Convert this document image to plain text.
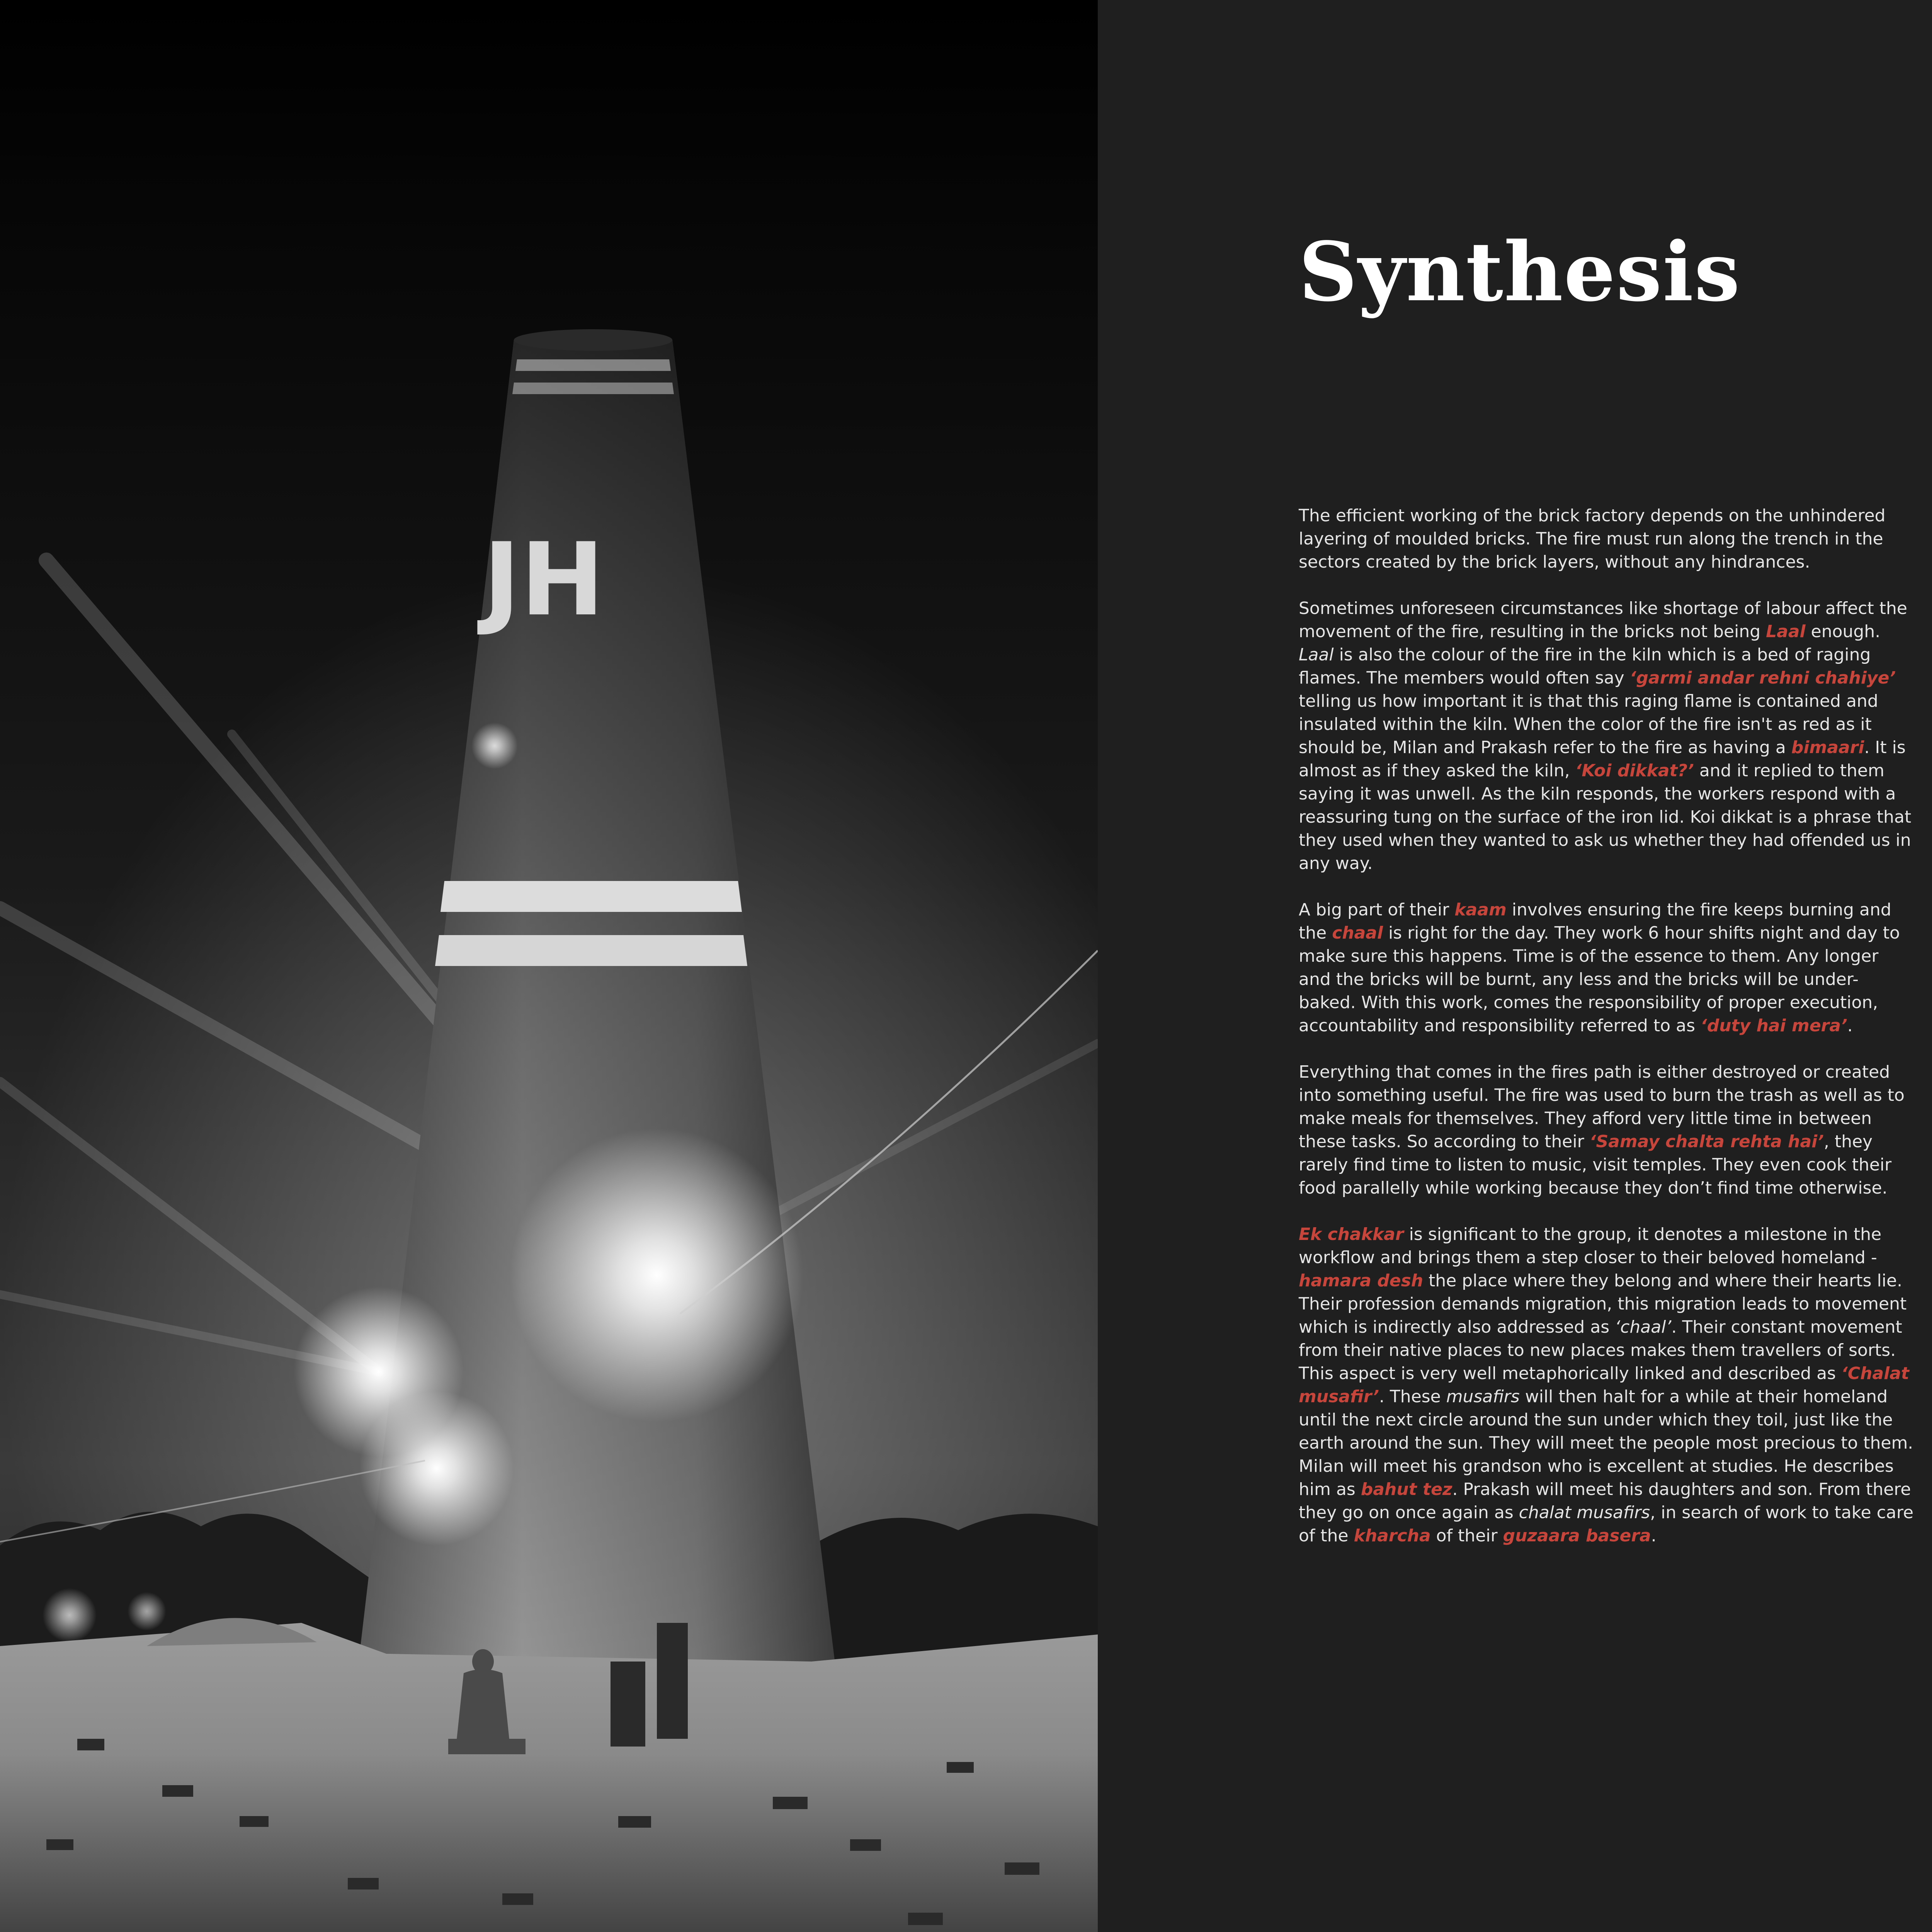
JH
Synthesis

The efficient working of the brick factory depends on the unhindered layering of moulded bricks. The fire must run along the trench in the sectors created by the brick layers, without any hindrances.

Sometimes unforeseen circumstances like shortage of labour affect the movement of the fire, resulting in the bricks not being Laal enough. Laal is also the colour of the fire in the kiln which is a bed of raging flames. The members would often say ‘garmi andar rehni chahiye’ telling us how important it is that this raging flame is contained and insulated within the kiln. When the color of the fire isn't as red as it should be, Milan and Prakash refer to the fire as having a bimaari. It is almost as if they asked the kiln, ‘Koi dikkat?’ and it replied to them saying it was unwell. As the kiln responds, the workers respond with a reassuring tung on the surface of the iron lid. Koi dikkat is a phrase that they used when they wanted to ask us whether they had offended us in any way.

A big part of their kaam involves ensuring the fire keeps burning and the chaal is right for the day. They work 6 hour shifts night and day to make sure this happens. Time is of the essence to them. Any longer and the bricks will be burnt, any less and the bricks will be under-baked. With this work, comes the responsibility of proper execution, accountability and responsibility referred to as ‘duty hai mera’.

Everything that comes in the fires path is either destroyed or created into something useful. The fire was used to burn the trash as well as to make meals for themselves. They afford very little time in between these tasks. So according to their ‘Samay chalta rehta hai’, they rarely find time to listen to music, visit temples. They even cook their food parallelly while working because they don’t find time otherwise.

Ek chakkar is significant to the group, it denotes a milestone in the workflow and brings them a step closer to their beloved homeland - hamara desh the place where they belong and where their hearts lie. Their profession demands migration, this migration leads to movement which is indirectly also addressed as ‘chaal’. Their constant movement from their native places to new places makes them travellers of sorts. This aspect is very well metaphorically linked and described as ‘Chalat musafir’. These musafirs will then halt for a while at their homeland until the next circle around the sun under which they toil, just like the earth around the sun. They will meet the people most precious to them. Milan will meet his grandson who is excellent at studies. He describes him as bahut tez. Prakash will meet his daughters and son. From there they go on once again as chalat musafirs, in search of work to take care of the kharcha of their guzaara basera.
